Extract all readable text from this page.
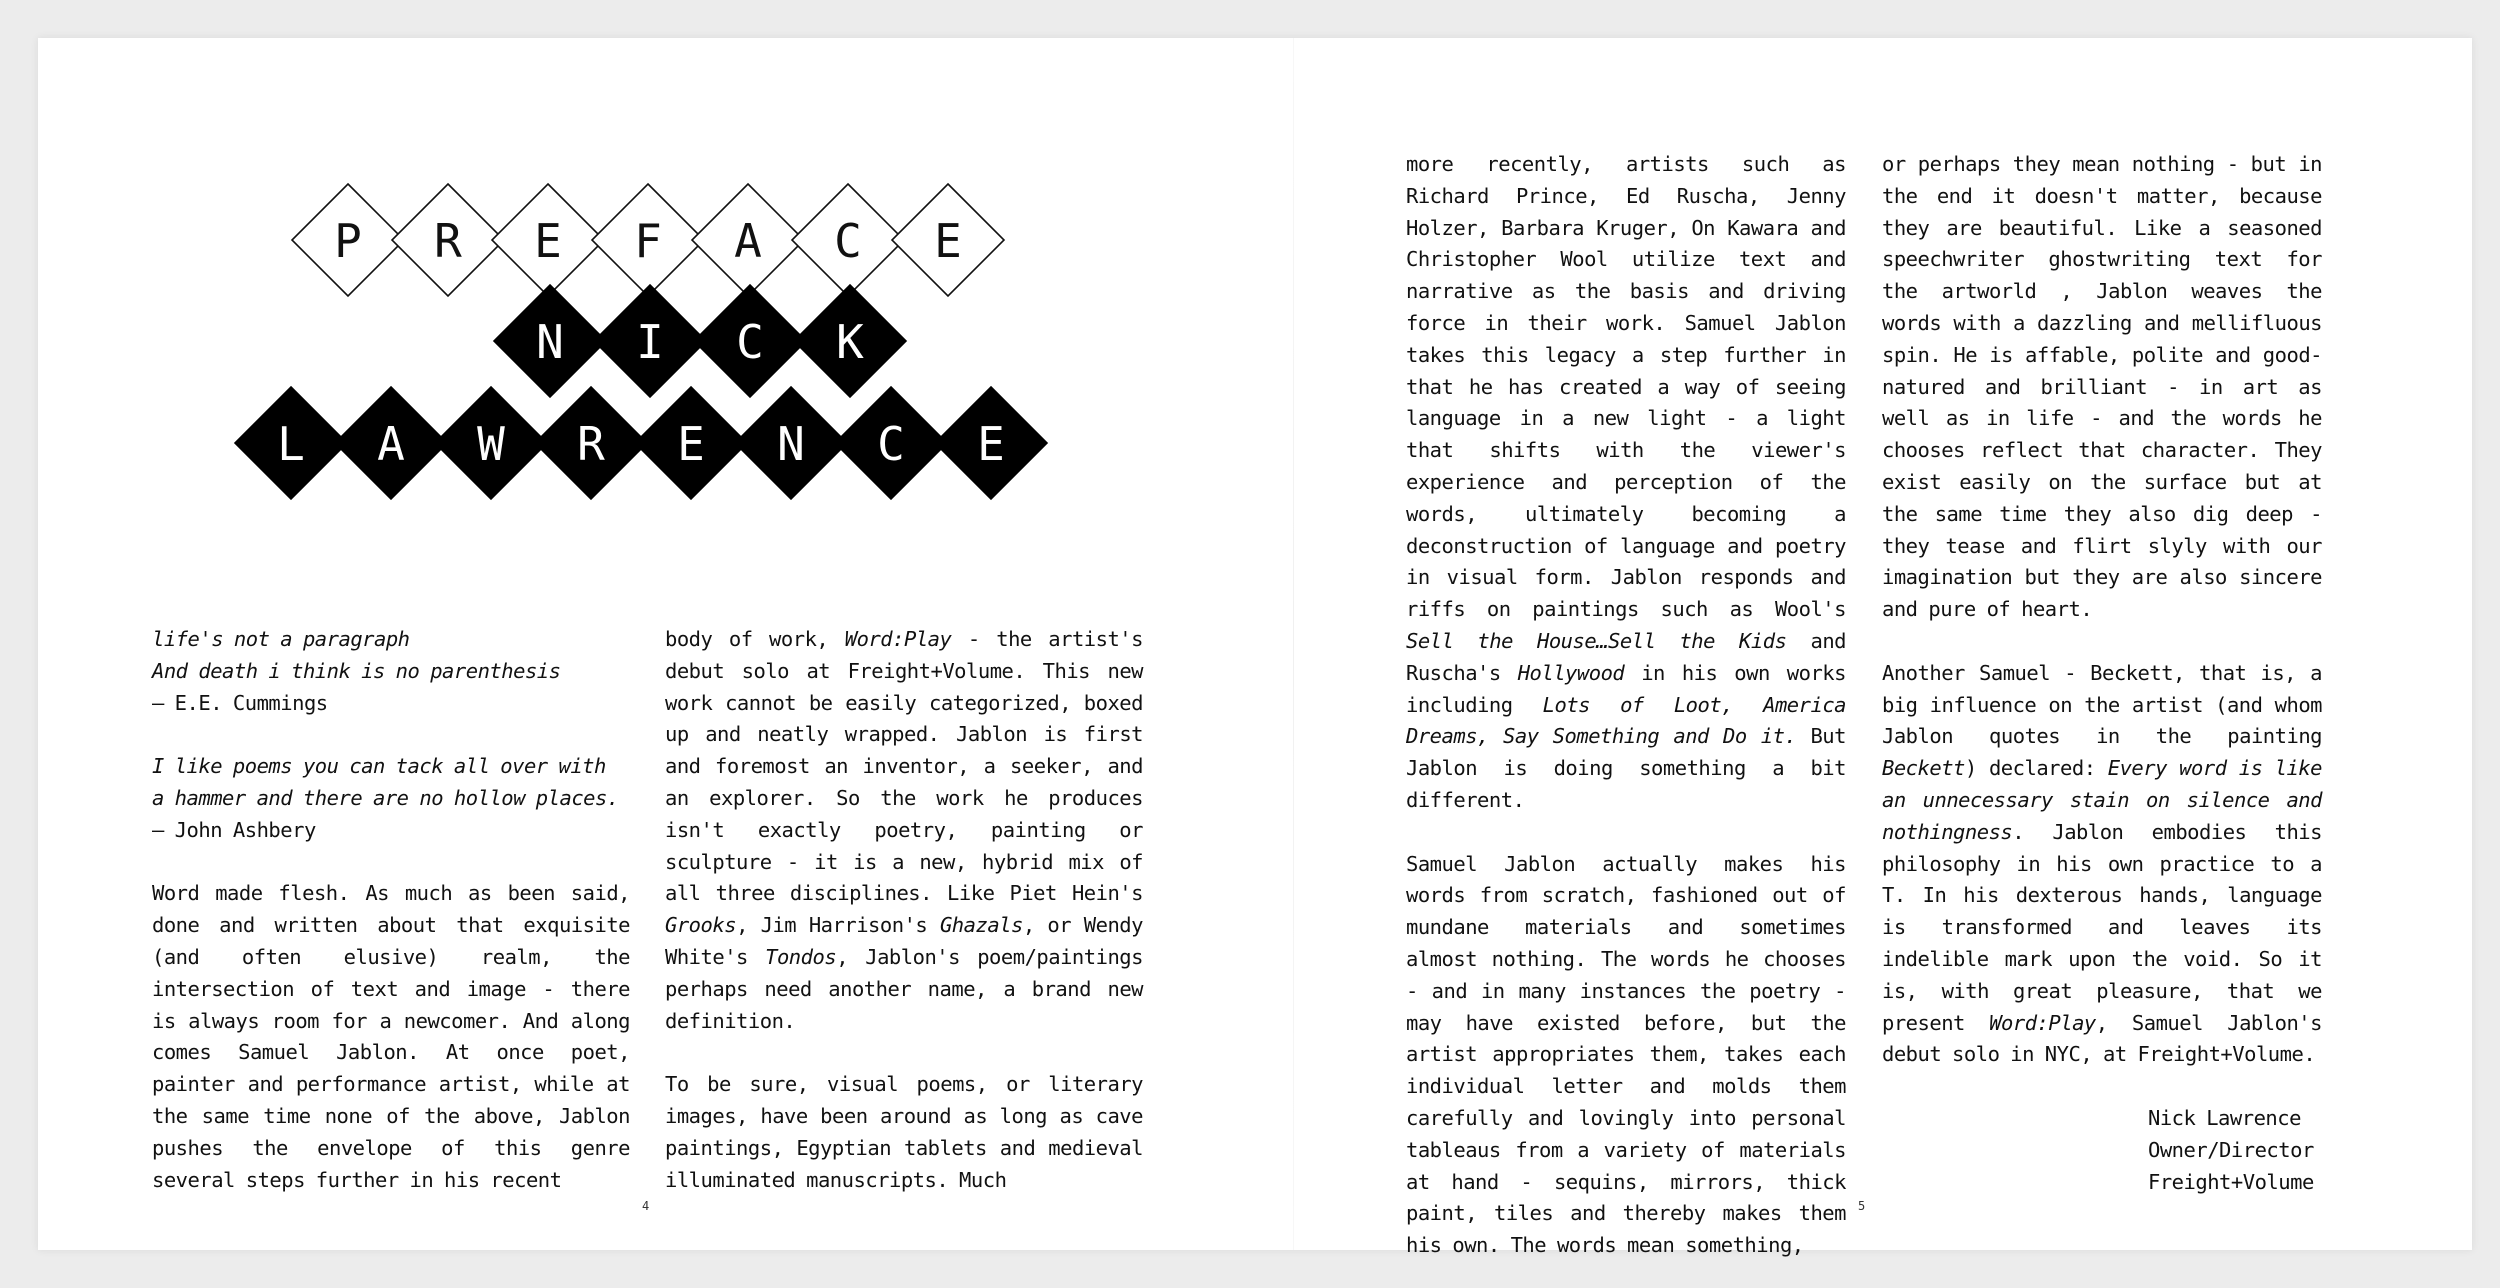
P R E F A C E
N I C K
L A W R E N C E

life's not a paragraph
And death i think is no parenthesis
— E.E. Cummings

I like poems you can tack all over with
a hammer and there are no hollow places.
— John Ashbery

Word made flesh. As much as been said, done and written about that exquisite (and often elusive) realm, the intersection of text and image - there is always room for a newcomer. And along comes Samuel Jablon. At once poet, painter and performance artist, while at the same time none of the above, Jablon pushes the envelope of this genre several steps further in his recent

body of work, Word:Play - the artist's debut solo at Freight+Volume. This new work cannot be easily categorized, boxed up and neatly wrapped. Jablon is first and foremost an inventor, a seeker, and an explorer. So the work he produces isn't exactly poetry, painting or sculpture - it is a new, hybrid mix of all three disciplines. Like Piet Hein's Grooks, Jim Harrison's Ghazals, or Wendy White's Tondos, Jablon's poem/paintings perhaps need another name, a brand new definition.

To be sure, visual poems, or literary images, have been around as long as cave paintings, Egyptian tablets and medieval illuminated manuscripts. Much

more recently, artists such as Richard Prince, Ed Ruscha, Jenny Holzer, Barbara Kruger, On Kawara and Christopher Wool utilize text and narrative as the basis and driving force in their work. Samuel Jablon takes this legacy a step further in that he has created a way of seeing language in a new light - a light that shifts with the viewer's experience and perception of the words, ultimately becoming a deconstruction of language and poetry in visual form. Jablon responds and riffs on paintings such as Wool's Sell the House…Sell the Kids and Ruscha's Hollywood in his own works including Lots of Loot, America Dreams, Say Something and Do it. But Jablon is doing something a bit different.

Samuel Jablon actually makes his words from scratch, fashioned out of mundane materials and sometimes almost nothing. The words he chooses - and in many instances the poetry - may have existed before, but the artist appropriates them, takes each individual letter and molds them carefully and lovingly into personal tableaus from a variety of materials at hand - sequins, mirrors, thick paint, tiles and thereby makes them his own. The words mean something,

or perhaps they mean nothing - but in the end it doesn't matter, because they are beautiful. Like a seasoned speechwriter ghostwriting text for the artworld , Jablon weaves the words with a dazzling and mellifluous spin. He is affable, polite and good-natured and brilliant - in art as well as in life - and the words he chooses reflect that character. They exist easily on the surface but at the same time they also dig deep - they tease and flirt slyly with our imagination but they are also sincere and pure of heart.

Another Samuel - Beckett, that is, a big influence on the artist (and whom Jablon quotes in the painting Beckett) declared: Every word is like an unnecessary stain on silence and nothingness. Jablon embodies this philosophy in his own practice to a T. In his dexterous hands, language is transformed and leaves its indelible mark upon the void. So it is, with great pleasure, that we present Word:Play, Samuel Jablon's debut solo in NYC, at Freight+Volume.

Nick Lawrence
Owner/Director
Freight+Volume
4	5
